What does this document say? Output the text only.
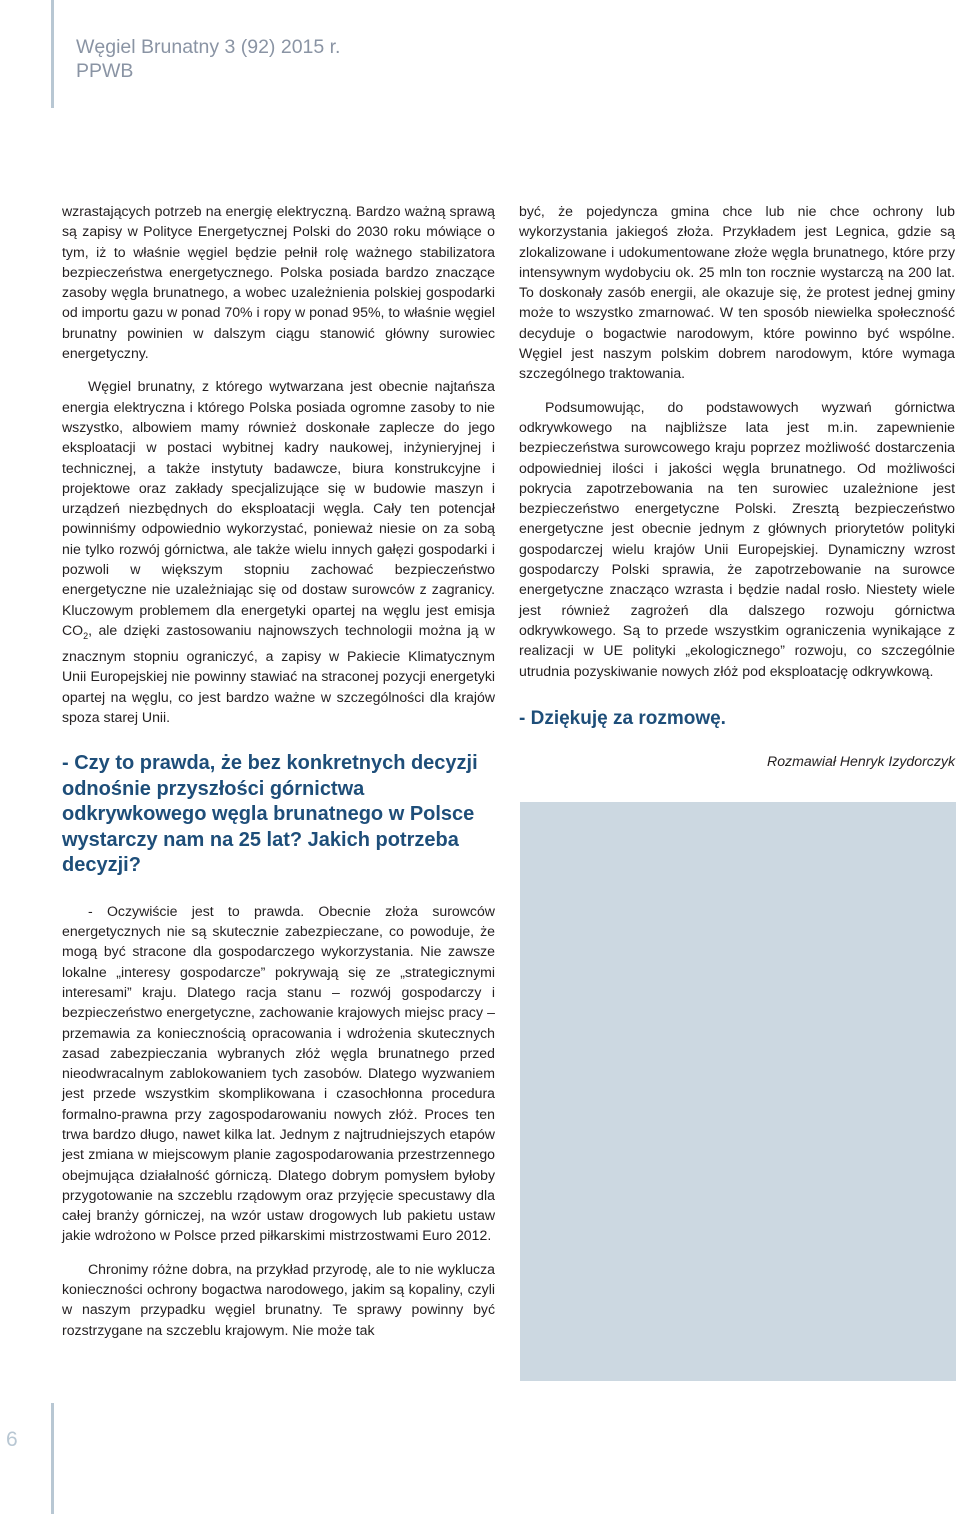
Węgiel Brunatny 3 (92) 2015 r.
PPWB

wzrastających potrzeb na energię elektryczną. Bardzo ważną sprawą są zapisy w Polityce Energetycznej Polski do 2030 roku mówiące o tym, iż to właśnie węgiel będzie pełnił rolę ważnego stabilizatora bezpieczeństwa energetycznego. Polska posiada bardzo znaczące zasoby węgla brunatnego, a wobec uzależnienia polskiej gospodarki od importu gazu w ponad 70% i ropy w ponad 95%, to właśnie węgiel brunatny powinien w dalszym ciągu stanowić główny surowiec energetyczny.

Węgiel brunatny, z którego wytwarzana jest obecnie najtańsza energia elektryczna i którego Polska posiada ogromne zasoby to nie wszystko, albowiem mamy również doskonałe zaplecze do jego eksploatacji w postaci wybitnej kadry naukowej, inżynieryjnej i technicznej, a także instytuty badawcze, biura konstrukcyjne i projektowe oraz zakłady specjalizujące się w budowie maszyn i urządzeń niezbędnych do eksploatacji węgla. Cały ten potencjał powinniśmy odpowiednio wykorzystać, ponieważ niesie on za sobą nie tylko rozwój górnictwa, ale także wielu innych gałęzi gospodarki i pozwoli w większym stopniu zachować bezpieczeństwo energetyczne nie uzależniając się od dostaw surowców z zagranicy. Kluczowym problemem dla energetyki opartej na węglu jest emisja $CO_2$, ale dzięki zastosowaniu najnowszych technologii można ją w znacznym stopniu ograniczyć, a zapisy w Pakiecie Klimatycznym Unii Europejskiej nie powinny stawiać na straconej pozycji energetyki opartej na węglu, co jest bardzo ważne w szczególności dla krajów spoza starej Unii.

- Czy to prawda, że bez konkretnych decyzji odnośnie przyszłości górnictwa odkrywkowego węgla brunatnego w Polsce wystarczy nam na 25 lat? Jakich potrzeba decyzji?

- Oczywiście jest to prawda. Obecnie złoża surowców energetycznych nie są skutecznie zabezpieczane, co powoduje, że mogą być stracone dla gospodarczego wykorzystania. Nie zawsze lokalne „interesy gospodarcze” pokrywają się ze „strategicznymi interesami” kraju. Dlatego racja stanu – rozwój gospodarczy i bezpieczeństwo energetyczne, zachowanie krajowych miejsc pracy – przemawia za koniecznością opracowania i wdrożenia skutecznych zasad zabezpieczania wybranych złóż węgla brunatnego przed nieodwracalnym zablokowaniem tych zasobów. Dlatego wyzwaniem jest przede wszystkim skomplikowana i czasochłonna procedura formalno-prawna przy zagospodarowaniu nowych złóż. Proces ten trwa bardzo długo, nawet kilka lat. Jednym z najtrudniejszych etapów jest zmiana w miejscowym planie zagospodarowania przestrzennego obejmująca działalność górniczą. Dlatego dobrym pomysłem byłoby przygotowanie na szczeblu rządowym oraz przyjęcie specustawy dla całej branży górniczej, na wzór ustaw drogowych lub pakietu ustaw jakie wdrożono w Polsce przed piłkarskimi mistrzostwami Euro 2012.

Chronimy różne dobra, na przykład przyrodę, ale to nie wyklucza konieczności ochrony bogactwa narodowego, jakim są kopaliny, czyli w naszym przypadku węgiel brunatny. Te sprawy powinny być rozstrzygane na szczeblu krajowym. Nie może tak

być, że pojedyncza gmina chce lub nie chce ochrony lub wykorzystania jakiegoś złoża. Przykładem jest Legnica, gdzie są zlokalizowane i udokumentowane złoże węgla brunatnego, które przy intensywnym wydobyciu ok. 25 mln ton rocznie wystarczą na 200 lat. To doskonały zasób energii, ale okazuje się, że protest jednej gminy może to wszystko zmarnować. W ten sposób niewielka społeczność decyduje o bogactwie narodowym, które powinno być wspólne. Węgiel jest naszym polskim dobrem narodowym, które wymaga szczególnego traktowania.

Podsumowując, do podstawowych wyzwań górnictwa odkrywkowego na najbliższe lata jest m.in. zapewnienie bezpieczeństwa surowcowego kraju poprzez możliwość dostarczenia odpowiedniej ilości i jakości węgla brunatnego. Od możliwości pokrycia zapotrzebowania na ten surowiec uzależnione jest bezpieczeństwo energetyczne Polski. Zresztą bezpieczeństwo energetyczne jest obecnie jednym z głównych priorytetów polityki gospodarczej wielu krajów Unii Europejskiej. Dynamiczny wzrost gospodarczy Polski sprawia, że zapotrzebowanie na surowce energetyczne znacząco wzrasta i będzie nadal rosło. Niestety wiele jest również zagrożeń dla dalszego rozwoju górnictwa odkrywkowego. Są to przede wszystkim ograniczenia wynikające z realizacji w UE polityki „ekologicznego” rozwoju, co szczególnie utrudnia pozyskiwanie nowych złóż pod eksploatację odkrywkową.

- Dziękuję za rozmowę.

Rozmawiał Henryk Izydorczyk

6
